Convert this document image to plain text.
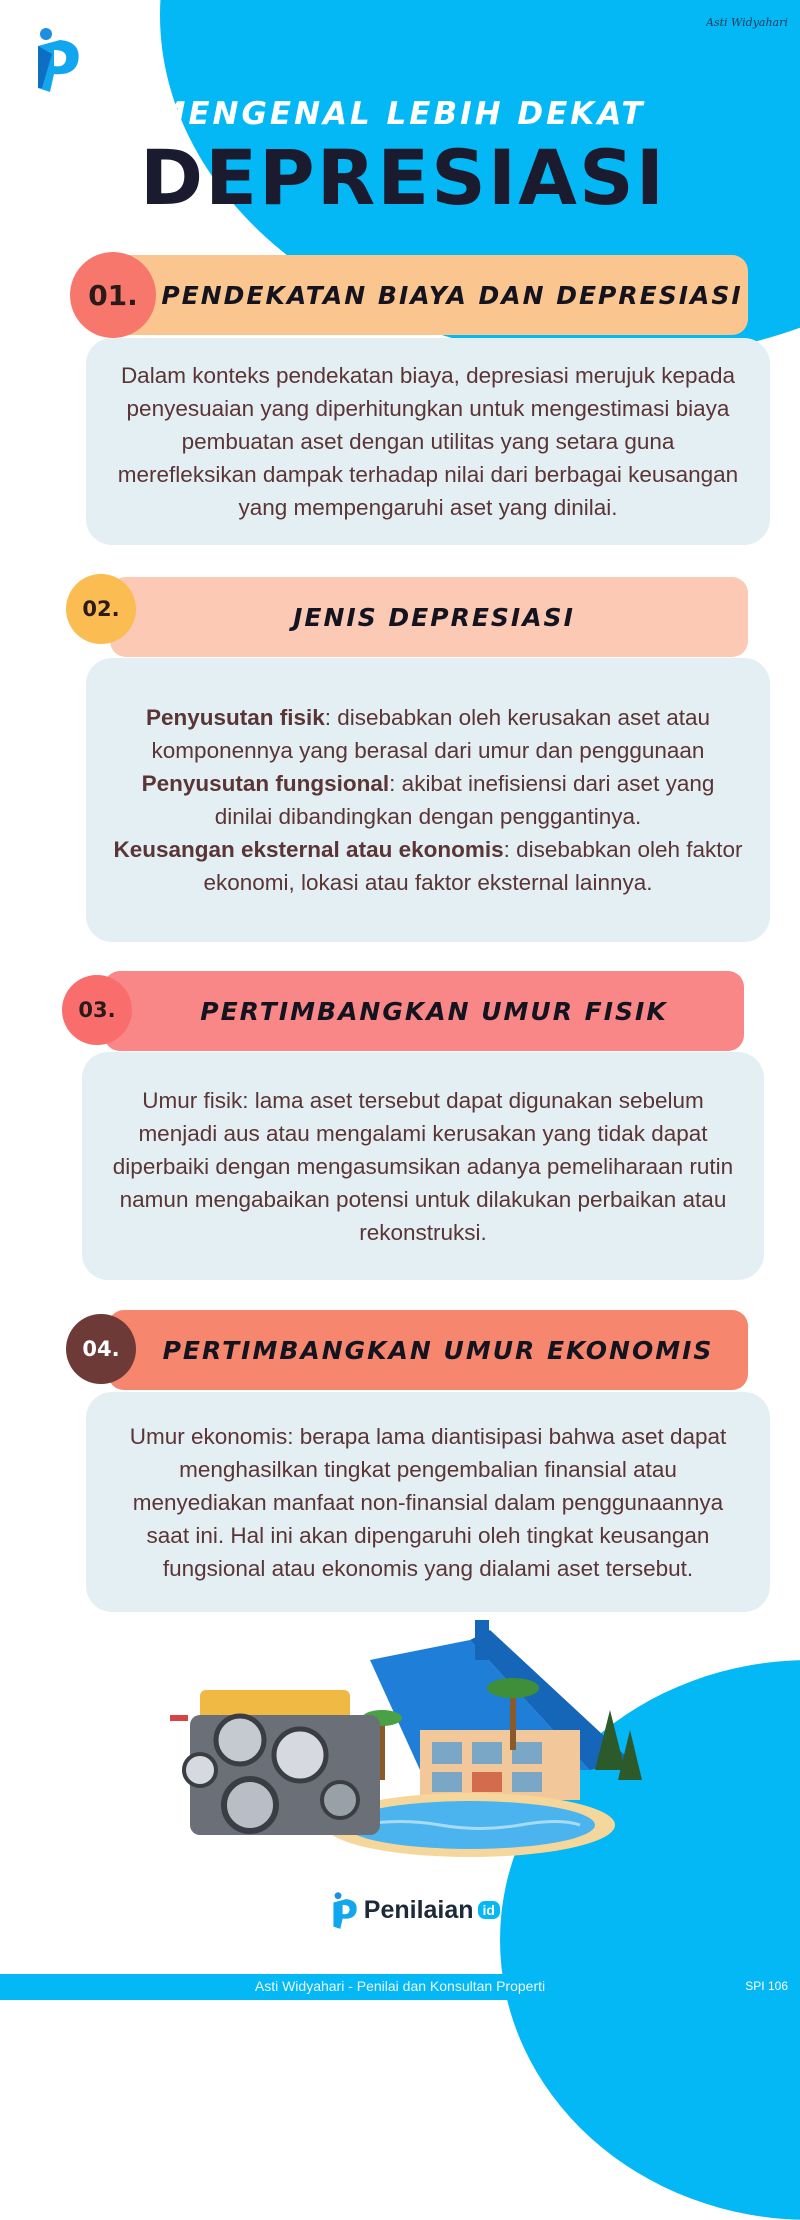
Asti Widyahari
MENGENAL LEBIH DEKAT
DEPRESIASI
PENDEKATAN BIAYA DAN DEPRESIASI
01.
Dalam konteks pendekatan biaya, depresiasi merujuk kepada penyesuaian yang diperhitungkan untuk mengestimasi biaya pembuatan aset dengan utilitas yang setara guna merefleksikan dampak terhadap nilai dari berbagai keusangan yang mempengaruhi aset yang dinilai.
JENIS DEPRESIASI
02.
Penyusutan fisik: disebabkan oleh kerusakan aset atau komponennya yang berasal dari umur dan penggunaan
Penyusutan fungsional: akibat inefisiensi dari aset yang dinilai dibandingkan dengan penggantinya.
Keusangan eksternal atau ekonomis: disebabkan oleh faktor ekonomi, lokasi atau faktor eksternal lainnya.
PERTIMBANGKAN UMUR FISIK
03.
Umur fisik: lama aset tersebut dapat digunakan sebelum menjadi aus atau mengalami kerusakan yang tidak dapat diperbaiki dengan mengasumsikan adanya pemeliharaan rutin namun mengabaikan potensi untuk dilakukan perbaikan atau rekonstruksi.
PERTIMBANGKAN UMUR EKONOMIS
04.
Umur ekonomis: berapa lama diantisipasi bahwa aset dapat menghasilkan tingkat pengembalian finansial atau menyediakan manfaat non-finansial dalam penggunaannya saat ini. Hal ini akan dipengaruhi oleh tingkat keusangan fungsional atau ekonomis yang dialami aset tersebut.
Penilaian id
Asti Widyahari - Penilai dan Konsultan Properti	SPI 106
